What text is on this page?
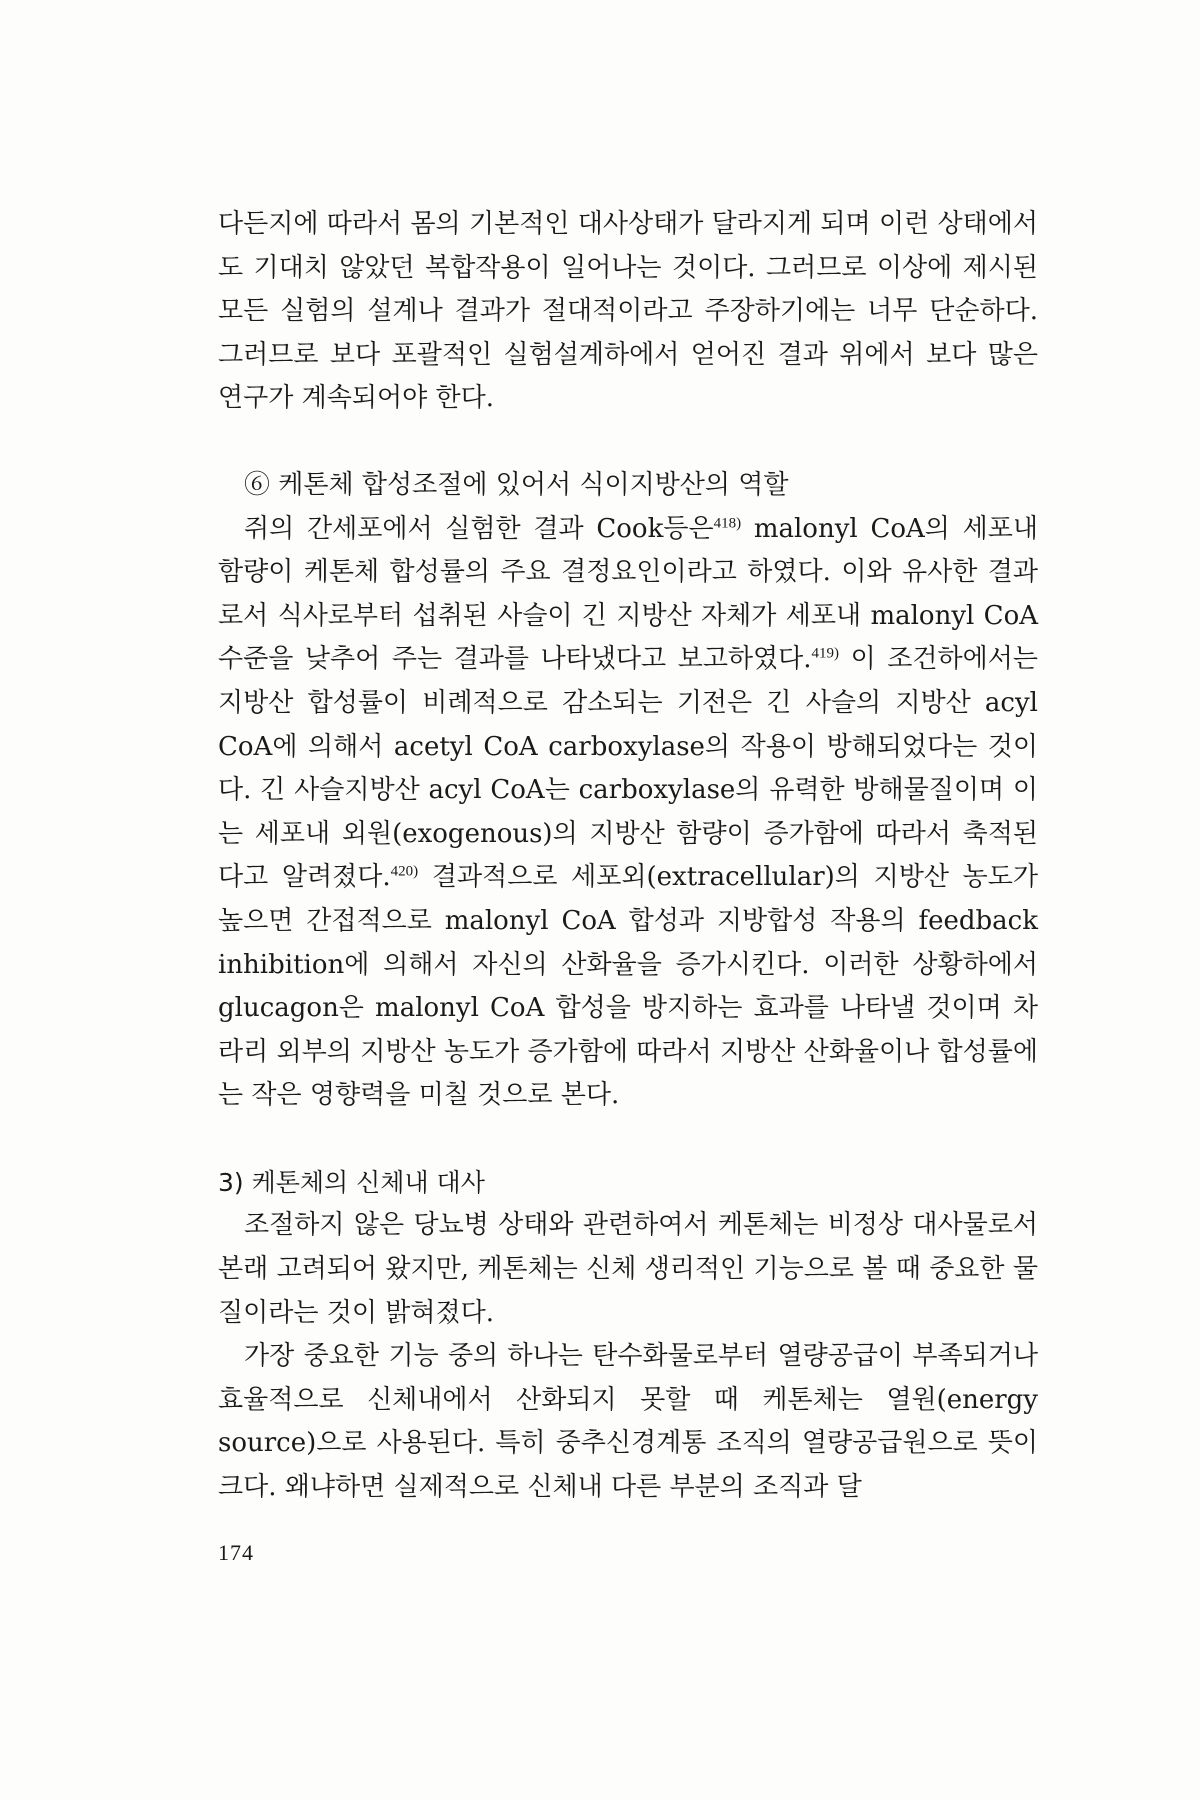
다든지에 따라서 몸의 기본적인 대사상태가 달라지게 되며 이런 상태에서도 기대치 않았던 복합작용이 일어나는 것이다. 그러므로 이상에 제시된 모든 실험의 설계나 결과가 절대적이라고 주장하기에는 너무 단순하다. 그러므로 보다 포괄적인 실험설계하에서 얻어진 결과 위에서 보다 많은 연구가 계속되어야 한다.

⑥ 케톤체 합성조절에 있어서 식이지방산의 역할

쥐의 간세포에서 실험한 결과 Cook등은$^{418)}$ malonyl CoA의 세포내 함량이 케톤체 합성률의 주요 결정요인이라고 하였다. 이와 유사한 결과로서 식사로부터 섭취된 사슬이 긴 지방산 자체가 세포내 malonyl CoA 수준을 낮추어 주는 결과를 나타냈다고 보고하였다.$^{419)}$ 이 조건하에서는 지방산 합성률이 비례적으로 감소되는 기전은 긴 사슬의 지방산 acyl CoA에 의해서 acetyl CoA carboxylase의 작용이 방해되었다는 것이다. 긴 사슬지방산 acyl CoA는 carboxylase의 유력한 방해물질이며 이는 세포내 외원(exogenous)의 지방산 함량이 증가함에 따라서 축적된다고 알려졌다.$^{420)}$ 결과적으로 세포외(extracellular)의 지방산 농도가 높으면 간접적으로 malonyl CoA 합성과 지방합성 작용의 feedback inhibition에 의해서 자신의 산화율을 증가시킨다. 이러한 상황하에서 glucagon은 malonyl CoA 합성을 방지하는 효과를 나타낼 것이며 차라리 외부의 지방산 농도가 증가함에 따라서 지방산 산화율이나 합성률에는 작은 영향력을 미칠 것으로 본다.

3) 케톤체의 신체내 대사

조절하지 않은 당뇨병 상태와 관련하여서 케톤체는 비정상 대사물로서 본래 고려되어 왔지만, 케톤체는 신체 생리적인 기능으로 볼 때 중요한 물질이라는 것이 밝혀졌다.

가장 중요한 기능 중의 하나는 탄수화물로부터 열량공급이 부족되거나 효율적으로 신체내에서 산화되지 못할 때 케톤체는 열원(energy source)으로 사용된다. 특히 중추신경계통 조직의 열량공급원으로 뜻이 크다. 왜냐하면 실제적으로 신체내 다른 부분의 조직과 달

174
